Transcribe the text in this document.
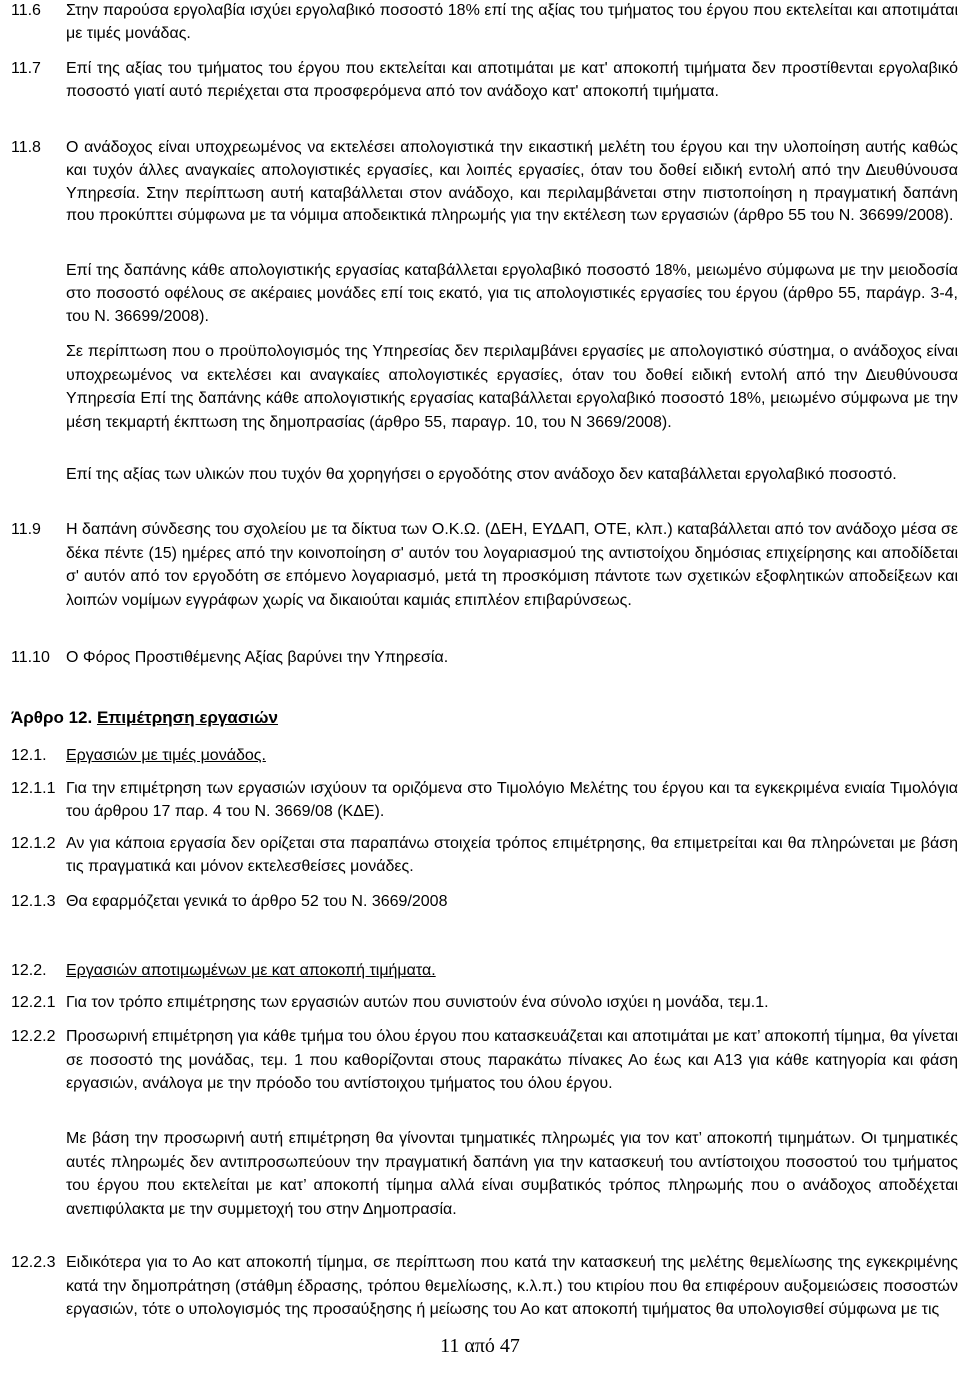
11.6 Στην παρούσα εργολαβία ισχύει εργολαβικό ποσοστό 18% επί της αξίας του τμήματος του έργου που εκτελείται και αποτιμάται με τιμές μονάδας.
11.7 Επί της αξίας του τμήματος του έργου που εκτελείται και αποτιμάται με κατ' αποκοπή τιμήματα δεν προστίθενται εργολαβικό ποσοστό γιατί αυτό περιέχεται στα προσφερόμενα από τον ανάδοχο κατ' αποκοπή τιμήματα.
11.8 Ο ανάδοχος είναι υποχρεωμένος να εκτελέσει απολογιστικά την εικαστική μελέτη του έργου και την υλοποίηση αυτής καθώς και τυχόν άλλες αναγκαίες απολογιστικές εργασίες, και λοιπές εργασίες, όταν του δοθεί ειδική εντολή από την Διευθύνουσα Υπηρεσία. Στην περίπτωση αυτή καταβάλλεται στον ανάδοχο, και περιλαμβάνεται στην πιστοποίηση η πραγματική δαπάνη που προκύπτει σύμφωνα με τα νόμιμα αποδεικτικά πληρωμής για την εκτέλεση των εργασιών (άρθρο 55 του Ν. 36699/2008).
Επί της δαπάνης κάθε απολογιστικής εργασίας καταβάλλεται εργολαβικό ποσοστό 18%, μειωμένο σύμφωνα με την μειοδοσία στο ποσοστό οφέλους σε ακέραιες μονάδες επί τοις εκατό, για τις απολογιστικές εργασίες του έργου (άρθρο 55, παράγρ. 3-4, του Ν. 36699/2008).
Σε περίπτωση που ο προϋπολογισμός της Υπηρεσίας δεν περιλαμβάνει εργασίες με απολογιστικό σύστημα, ο ανάδοχος είναι υποχρεωμένος να εκτελέσει και αναγκαίες απολογιστικές εργασίες, όταν του δοθεί ειδική εντολή από την Διευθύνουσα Υπηρεσία Επί της δαπάνης κάθε απολογιστικής εργασίας καταβάλλεται εργολαβικό ποσοστό 18%, μειωμένο σύμφωνα με την μέση τεκμαρτή έκπτωση της δημοπρασίας (άρθρο 55, παραγρ. 10, του Ν 3669/2008).
Επί της αξίας των υλικών που τυχόν θα χορηγήσει ο εργοδότης στον ανάδοχο δεν καταβάλλεται εργολαβικό ποσοστό.
11.9 Η δαπάνη σύνδεσης του σχολείου με τα δίκτυα των Ο.Κ.Ω. (ΔΕΗ, ΕΥΔΑΠ, ΟΤΕ, κλπ.) καταβάλλεται από τον ανάδοχο μέσα σε δέκα πέντε (15) ημέρες από την κοινοποίηση σ' αυτόν του λογαριασμού της αντιστοίχου δημόσιας επιχείρησης και αποδίδεται σ' αυτόν από τον εργοδότη σε επόμενο λογαριασμό, μετά τη προσκόμιση πάντοτε των σχετικών εξοφλητικών αποδείξεων και λοιπών νομίμων εγγράφων χωρίς να δικαιούται καμιάς επιπλέον επιβαρύνσεως.
11.10 Ο Φόρος Προστιθέμενης Αξίας βαρύνει την Υπηρεσία.
Άρθρο 12. Επιμέτρηση εργασιών
12.1. Εργασιών με τιμές μονάδος.
12.1.1 Για την επιμέτρηση των εργασιών ισχύουν τα οριζόμενα στο Τιμολόγιο Μελέτης του έργου και τα εγκεκριμένα ενιαία Τιμολόγια του άρθρου 17 παρ. 4 του Ν. 3669/08 (ΚΔΕ).
12.1.2 Αν για κάποια εργασία δεν ορίζεται στα παραπάνω στοιχεία τρόπος επιμέτρησης, θα επιμετρείται και θα πληρώνεται με βάση τις πραγματικά και μόνον εκτελεσθείσες μονάδες.
12.1.3 Θα εφαρμόζεται γενικά το άρθρο 52 του Ν. 3669/2008
12.2. Εργασιών αποτιμωμένων με κατ αποκοπή τιμήματα.
12.2.1 Για τον τρόπο επιμέτρησης των εργασιών αυτών που συνιστούν ένα σύνολο ισχύει η μονάδα, τεμ.1.
12.2.2 Προσωρινή επιμέτρηση για κάθε τμήμα του όλου έργου που κατασκευάζεται και αποτιμάται με κατ’ αποκοπή τίμημα, θα γίνεται σε ποσοστό της μονάδας, τεμ. 1 που καθορίζονται στους παρακάτω πίνακες Αο έως και Α13 για κάθε κατηγορία και φάση εργασιών, ανάλογα με την πρόοδο του αντίστοιχου τμήματος του όλου έργου.
Με βάση την προσωρινή αυτή επιμέτρηση θα γίνονται τμηματικές πληρωμές για τον κατ’ αποκοπή τιμημάτων. Οι τμηματικές αυτές πληρωμές δεν αντιπροσωπεύουν την πραγματική δαπάνη για την κατασκευή του αντίστοιχου ποσοστού του τμήματος του έργου που εκτελείται με κατ’ αποκοπή τίμημα αλλά είναι συμβατικός τρόπος πληρωμής που ο ανάδοχος αποδέχεται ανεπιφύλακτα με την συμμετοχή του στην Δημοπρασία.
12.2.3 Ειδικότερα για το Αο κατ αποκοπή τίμημα, σε περίπτωση που κατά την κατασκευή της μελέτης θεμελίωσης της εγκεκριμένης κατά την δημοπράτηση (στάθμη έδρασης, τρόπου θεμελίωσης, κ.λ.π.) του κτιρίου που θα επιφέρουν αυξομειώσεις ποσοστών εργασιών, τότε ο υπολογισμός της προσαύξησης ή μείωσης του Αο κατ αποκοπή τιμήματος θα υπολογισθεί σύμφωνα με τις
11 από 47
